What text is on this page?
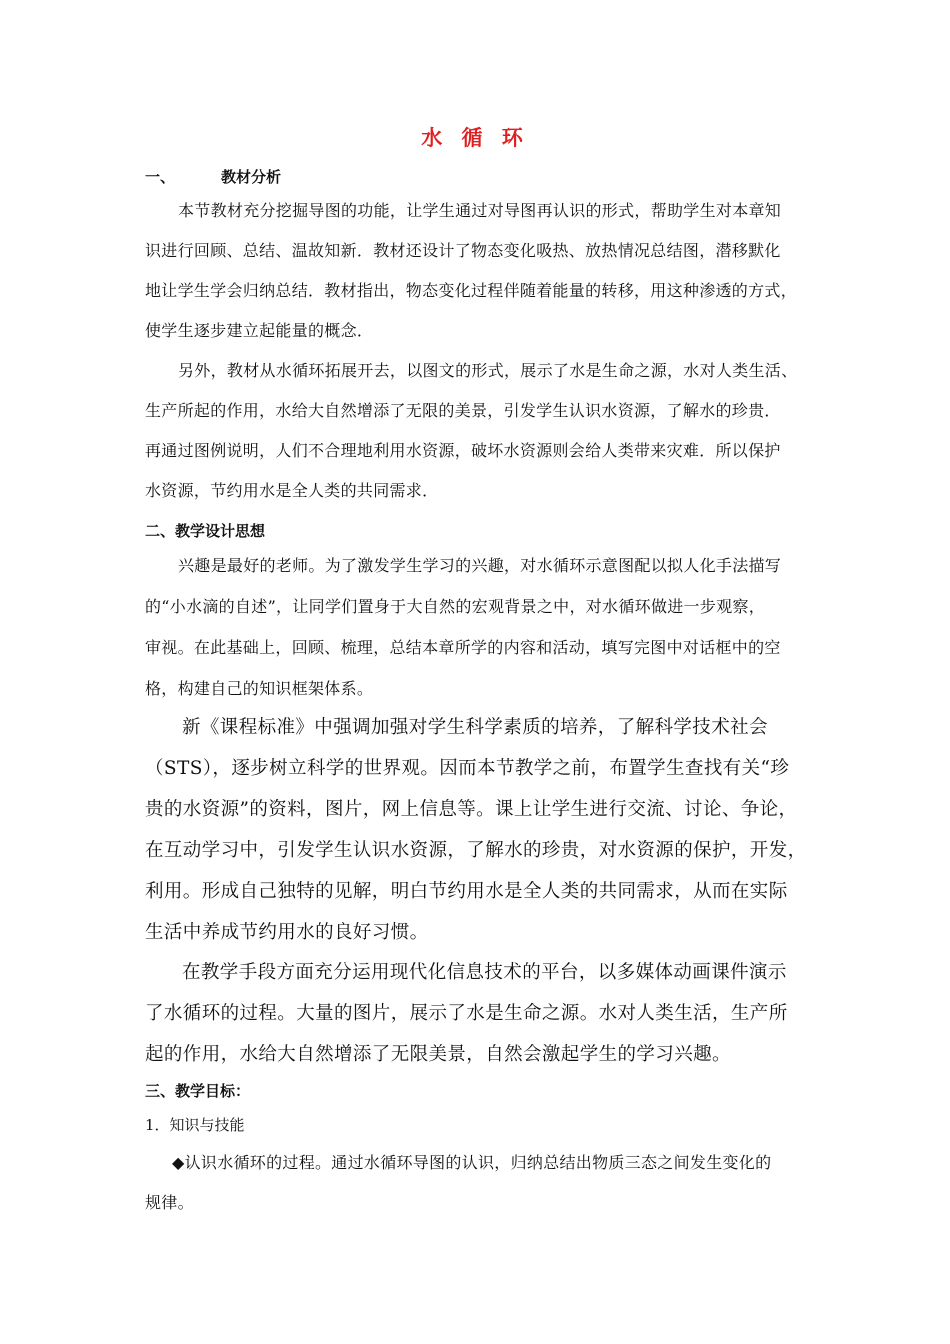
水 循 环
一、	教材分析

本节教材充分挖掘导图的功能，让学生通过对导图再认识的形式，帮助学生对本章知

识进行回顾、总结、温故知新．教材还设计了物态变化吸热、放热情况总结图，潜移默化

地让学生学会归纳总结．教材指出，物态变化过程伴随着能量的转移，用这种渗透的方式，

使学生逐步建立起能量的概念．

另外，教材从水循环拓展开去，以图文的形式，展示了水是生命之源，水对人类生活、

生产所起的作用，水给大自然增添了无限的美景，引发学生认识水资源，了解水的珍贵．

再通过图例说明，人们不合理地利用水资源，破坏水资源则会给人类带来灾难．所以保护

水资源，节约用水是全人类的共同需求．

二、教学设计思想

兴趣是最好的老师。为了激发学生学习的兴趣，对水循环示意图配以拟人化手法描写

的“小水滴的自述”，让同学们置身于大自然的宏观背景之中，对水循环做进一步观察，

审视。在此基础上，回顾、梳理，总结本章所学的内容和活动，填写完图中对话框中的空

格，构建自己的知识框架体系。

新《课程标准》中强调加强对学生科学素质的培养，了解科学技术社会

（STS），逐步树立科学的世界观。因而本节教学之前，布置学生查找有关“珍

贵的水资源”的资料，图片，网上信息等。课上让学生进行交流、讨论、争论，

在互动学习中，引发学生认识水资源，了解水的珍贵，对水资源的保护，开发，

利用。形成自己独特的见解，明白节约用水是全人类的共同需求，从而在实际

生活中养成节约用水的良好习惯。

在教学手段方面充分运用现代化信息技术的平台，以多媒体动画课件演示

了水循环的过程。大量的图片，展示了水是生命之源。水对人类生活，生产所

起的作用，水给大自然增添了无限美景，自然会激起学生的学习兴趣。

三、教学目标：

1．知识与技能

◆认识水循环的过程。通过水循环导图的认识，归纳总结出物质三态之间发生变化的

规律。
